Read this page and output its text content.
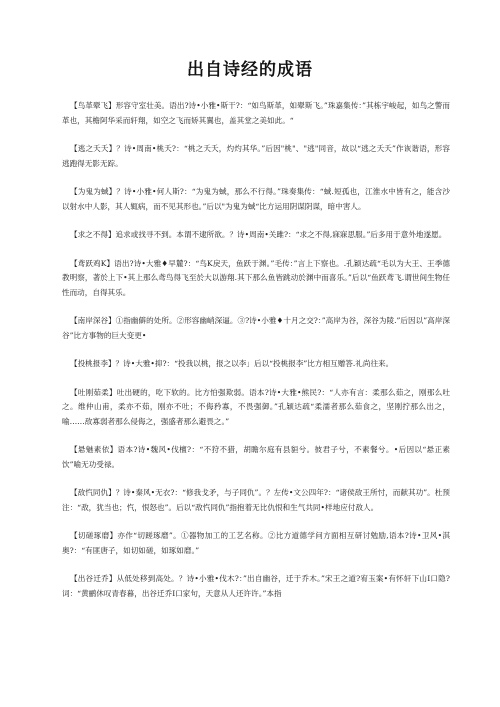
出自诗经的成语

【鸟革翚飞】形容守室壮美。语出?诗•小雅•斯干?：“如鸟斯革，如翚斯飞。”珠嘉集传：”其栋宇峻起，如鸟之警而革也，其檐阿华采而轩翔，如空之飞而矫其翼也，盖其堂之美如此。“

【逃之夭夭】？诗•周南•桃夭?：“桃之夭夭，灼灼其华。”后因"桃"、"逃"同音，故以“逃之夭夭”作诙谐语，形容逃跑得无影无踪。

【为鬼为蜮】？诗•小雅•何人斯?：“为鬼为蜮，那么不行得。”珠奏集传：“蜮.短孤也，江淮水中皆有之，能含沙以射水中人影，其人辄病，而不见其形也。”后以"为鬼为蜮“比方运用阴谋阴谋，暗中害人。

【求之不得】追求或找寻不到。本谓不逮所欲。？诗•周南•关雎?：“求之不得,寐寐思服。”后多用于意外地遂愿。

【鸢跃鸡K】语出?诗•大雅♦早麓?：“鸟K戾天，鱼跃于渊。”毛传：”言上下察也。.孔颖达疏“毛以为大王、王季德教明察，著於上下•其上那么鸢鸟得飞至於大以游翔.其下那么鱼皆跳动於渊中而喜乐。”后以“鱼跃鸢飞.谓世间生物任性而动，自得其乐。

【南岸深谷】①指幽僻的处所。②形容幽峭深逼。③?诗•小雅♦十月之交?：”高岸为谷，深谷为陵.”后因以”高岸深谷”比方事物的巨大变更•

【投桃报李】？诗•大雅•抑?：“投我以桃，报之以李」后以“投桃报李”比方相互赠答.礼尚往来。

【吐刚茹柔】吐出硬的，吃下软的。比方怕强欺弱。语本?诗•大雅•熊民?：“人亦有言：柔那么茹之，刚那么吐之。维仲山甫，柔亦不茹，刚亦不吐；不侮矜寡，不畏强御。”孔颖达疏“柔濡者那么茹食之，坚刚拧那么出之，喻……敌寡弱者那么侵侮之，强盛者那么避畏之。”

【悬魅素依】语本?诗•魏风•伐檀?：“不狩不猎，胡瞻尔庭有县貆兮。彼君子兮，不素餐兮。•后因以“悬正素饮”喻无功受禄。

【敌忾同仇】？诗•秦风•无衣?：“修我戈矛，与子同仇”。？左传•文公四年?：“诸侯敌王所忖，而献其功”。杜预注：“敌，犹当也；忾，恨怒也”。后以“敌忾同仇”指抱着无比仇恨和生气共同•样地应付敌人。

【切磋琢磨】亦作“切蹉琢磨”。①器物加工的工艺名称。②比方道德学问方面相互研讨勉励,语本?诗•卫风•淇奥?：“有匪唐子，如切如磋，如琢如磨。”

【出谷迁乔】从低处移到高处。？诗•小雅•伐木?：”出自幽谷，迁于乔木。”宋王之道?宥玉案•有怀轩下山I口隐?词：“黄鹂休叹青春暮，出谷迁乔I口家句，天意从人还许许。”本指
